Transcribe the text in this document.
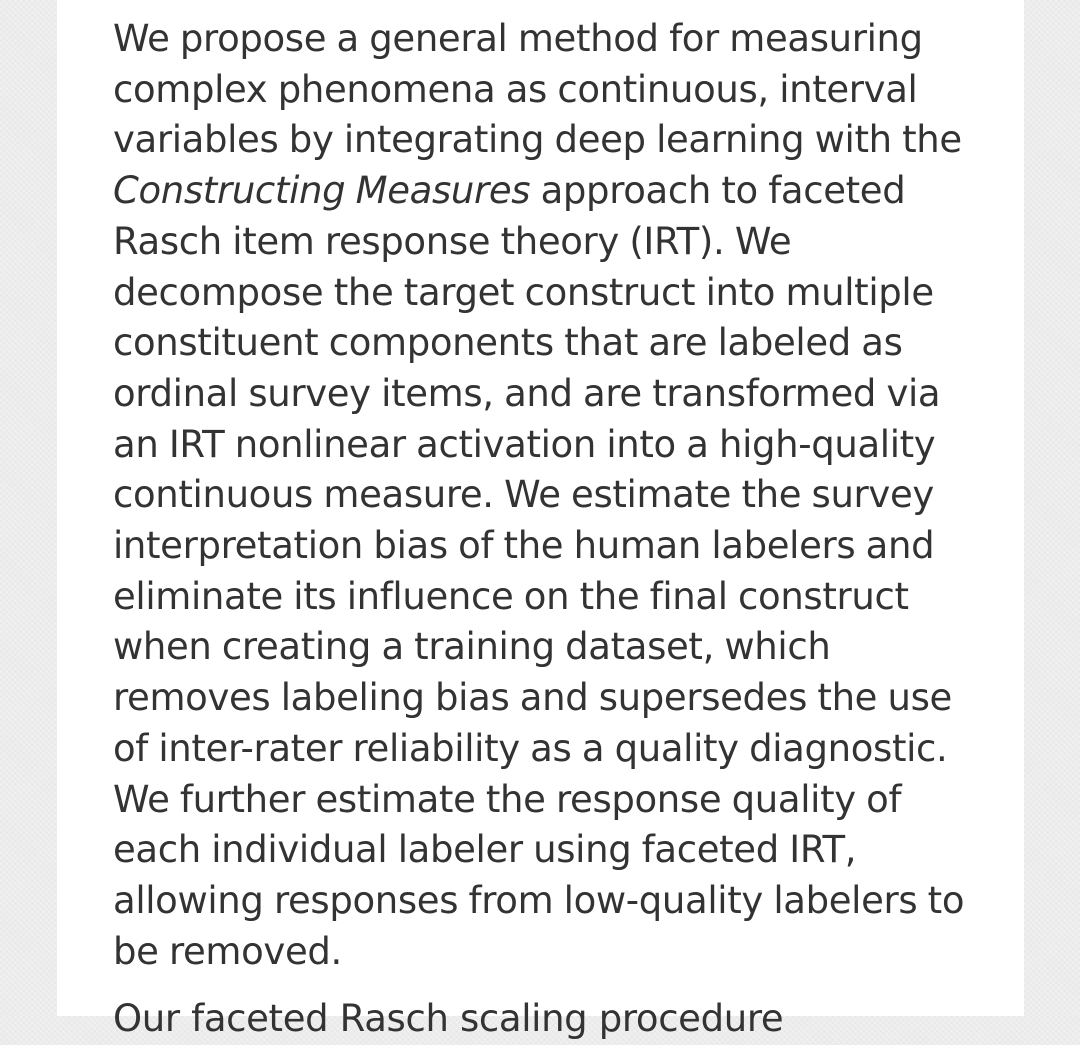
We propose a general method for measuring complex phenomena as continuous, interval variables by integrating deep learning with the Constructing Measures approach to faceted Rasch item response theory (IRT). We decompose the target construct into multiple constituent components that are labeled as ordinal survey items, and are transformed via an IRT nonlinear activation into a high-quality continuous measure. We estimate the survey interpretation bias of the human labelers and eliminate its influence on the final construct when creating a training dataset, which removes labeling bias and supersedes the use of inter-rater reliability as a quality diagnostic. We further estimate the response quality of each individual labeler using faceted IRT, allowing responses from low-quality labelers to be removed.

Our faceted Rasch scaling procedure
